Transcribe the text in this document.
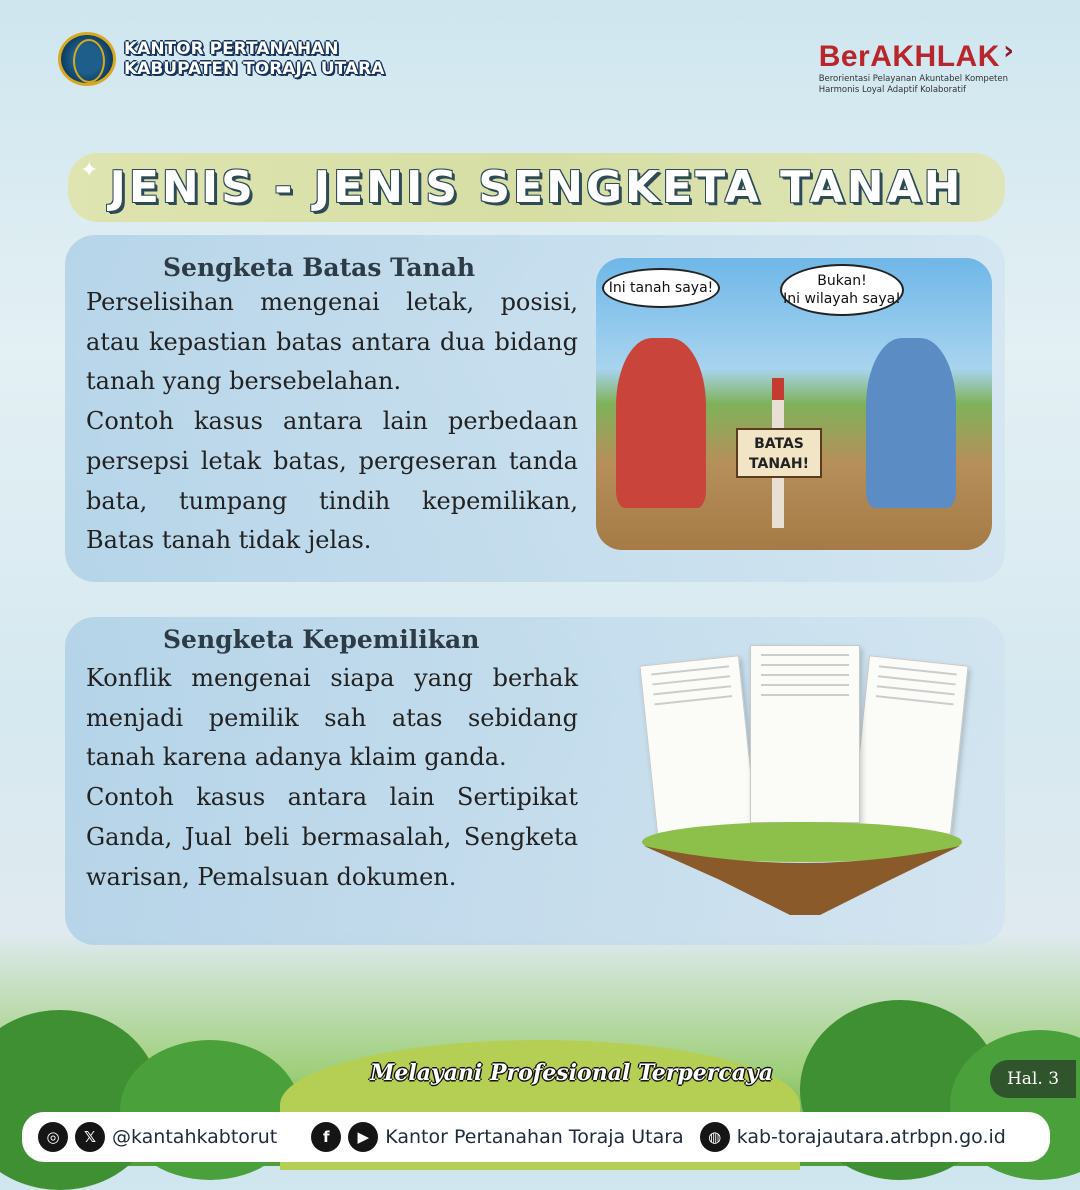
KANTOR PERTANAHAN
KABUPATEN TORAJA UTARA	BerAKHLAK ›
Berorientasi Pelayanan Akuntabel Kompeten
Harmonis Loyal Adaptif Kolaboratif
JENIS - JENIS SENGKETA TANAH
✦
Sengketa Batas Tanah

Perselisihan mengenai letak, posisi, atau kepastian batas antara dua bidang tanah yang bersebelahan.

Contoh kasus antara lain perbedaan persepsi letak batas, pergeseran tanda bata, tumpang tindih kepemilikan, Batas tanah tidak jelas.

Ini tanah saya!	Bukan!
Ini wilayah saya!
BATAS
TANAH!
Sengketa Kepemilikan

Konflik mengenai siapa yang berhak menjadi pemilik sah atas sebidang tanah karena adanya klaim ganda.

Contoh kasus antara lain Sertipikat Ganda, Jual beli bermasalah, Sengketa warisan, Pemalsuan dokumen.

Melayani Profesional Terpercaya	Hal. 3
◎	𝕏 @kantahkabtorut	f	▶ Kantor Pertanahan Toraja Utara	◍ kab-torajautara.atrbpn.go.id
